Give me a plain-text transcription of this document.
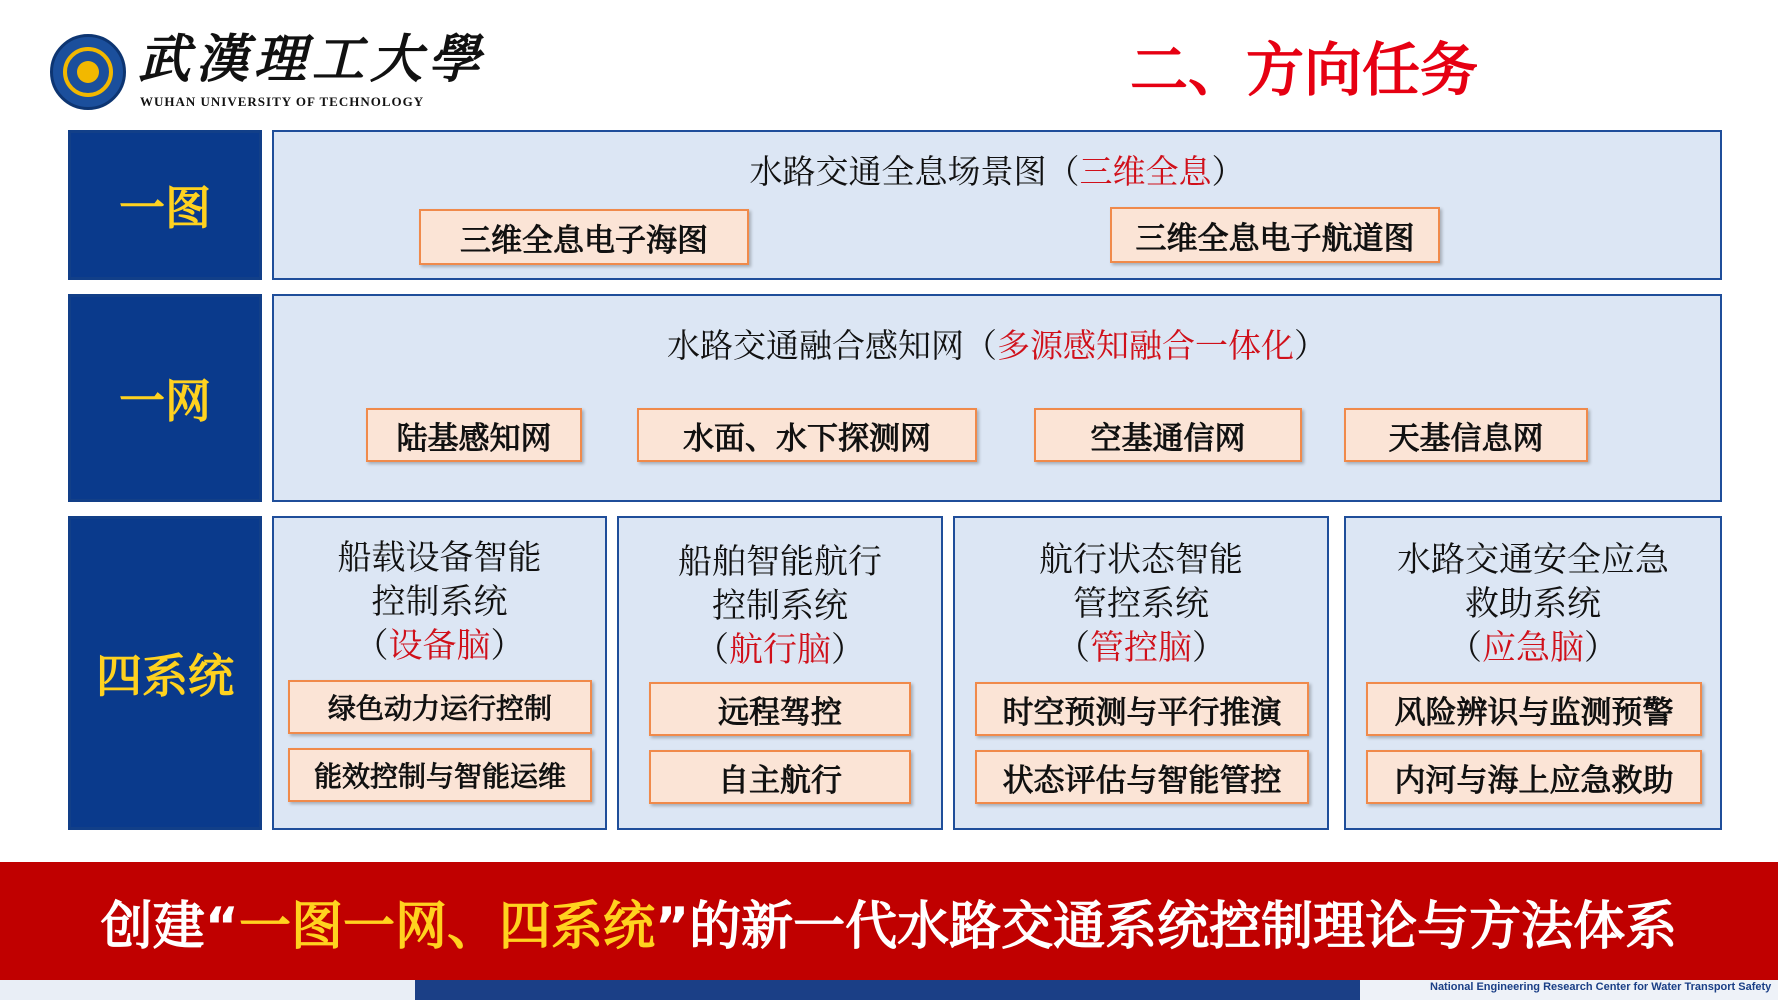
武漢理工大學
WUHAN UNIVERSITY OF TECHNOLOGY	二、方向任务
一图
水路交通全息场景图（三维全息）
三维全息电子海图	三维全息电子航道图
一网
水路交通融合感知网（多源感知融合一体化）
陆基感知网	水面、水下探测网	空基通信网	天基信息网
四系统
船载设备智能
控制系统
（设备脑）
绿色动力运行控制
能效控制与智能运维
船舶智能航行
控制系统
（航行脑）
远程驾控
自主航行
航行状态智能
管控系统
（管控脑）
时空预测与平行推演
状态评估与智能管控
水路交通安全应急
救助系统
（应急脑）
风险辨识与监测预警
内河与海上应急救助
创建“ 一图一网、四系统 ”的新一代水路交通系统控制理论与方法体系
National Engineering Research Center for Water Transport Safety
